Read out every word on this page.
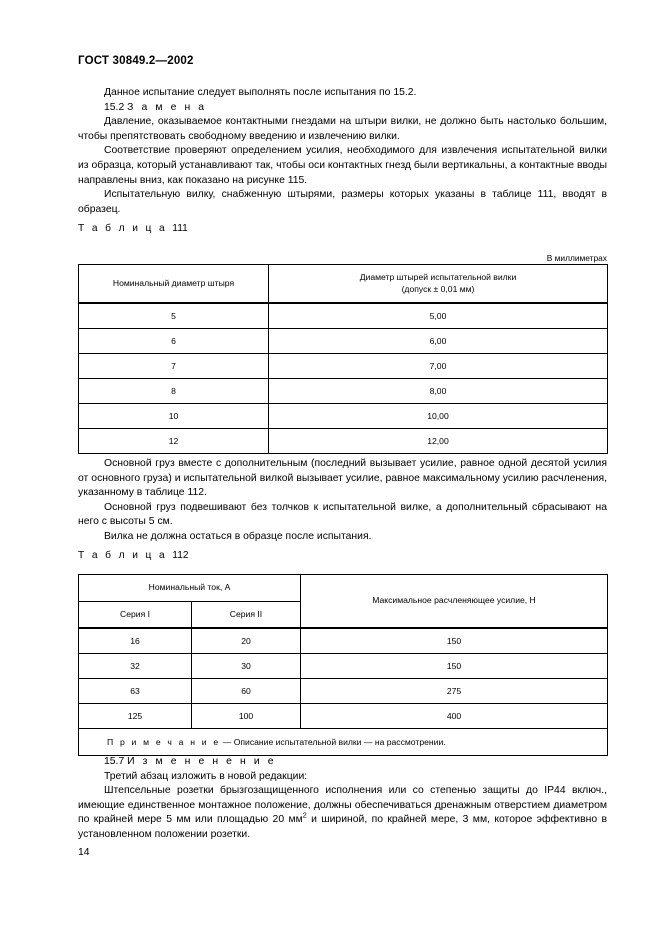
ГОСТ 30849.2—2002

Данное испытание следует выполнять после испытания по 15.2.

15.2 З а м е н а

Давление, оказываемое контактными гнездами на штыри вилки, не должно быть настолько большим, чтобы препятствовать свободному введению и извлечению вилки.

Соответствие проверяют определением усилия, необходимого для извлечения испытательной вилки из образца, который устанавливают так, чтобы оси контактных гнезд были вертикальны, а контактные вводы направлены вниз, как показано на рисунке 115.

Испытательную вилку, снабженную штырями, размеры которых указаны в таблице 111, вводят в образец.

Т а б л и ц а 111

В миллиметрах

Номинальный диаметр штыря	Диаметр штырей испытательной вилки
(допуск ± 0,01 мм)

5	5,00

6	6,00

7	7,00

8	8,00

10	10,00

12	12,00

Основной груз вместе с дополнительным (последний вызывает усилие, равное одной десятой усилия от основного груза) и испытательной вилкой вызывает усилие, равное максимальному усилию расчленения, указанному в таблице 112.

Основной груз подвешивают без толчков к испытательной вилке, а дополнительный сбрасывают на него с высоты 5 см.

Вилка не должна остаться в образце после испытания.

Т а б л и ц а 112

Номинальный ток, А		Максимальное расчленяющее усилие, Н

Серия I	Серия II	

16	20	150

32	30	150

63	60	275

125	100	400

П р и м е ч а н и е — Описание испытательной вилки — на рассмотрении.		

15.7 И з м е н е н е н и е

Третий абзац изложить в новой редакции:

Штепсельные розетки брызгозащищенного исполнения или со степенью защиты до IP44 включ., имеющие единственное монтажное положение, должны обеспечиваться дренажным отверстием диаметром по крайней мере 5 мм или площадью 20 $мм^2$ и шириной, по крайней мере, 3 мм, которое эффективно в установленном положении розетки.

14
